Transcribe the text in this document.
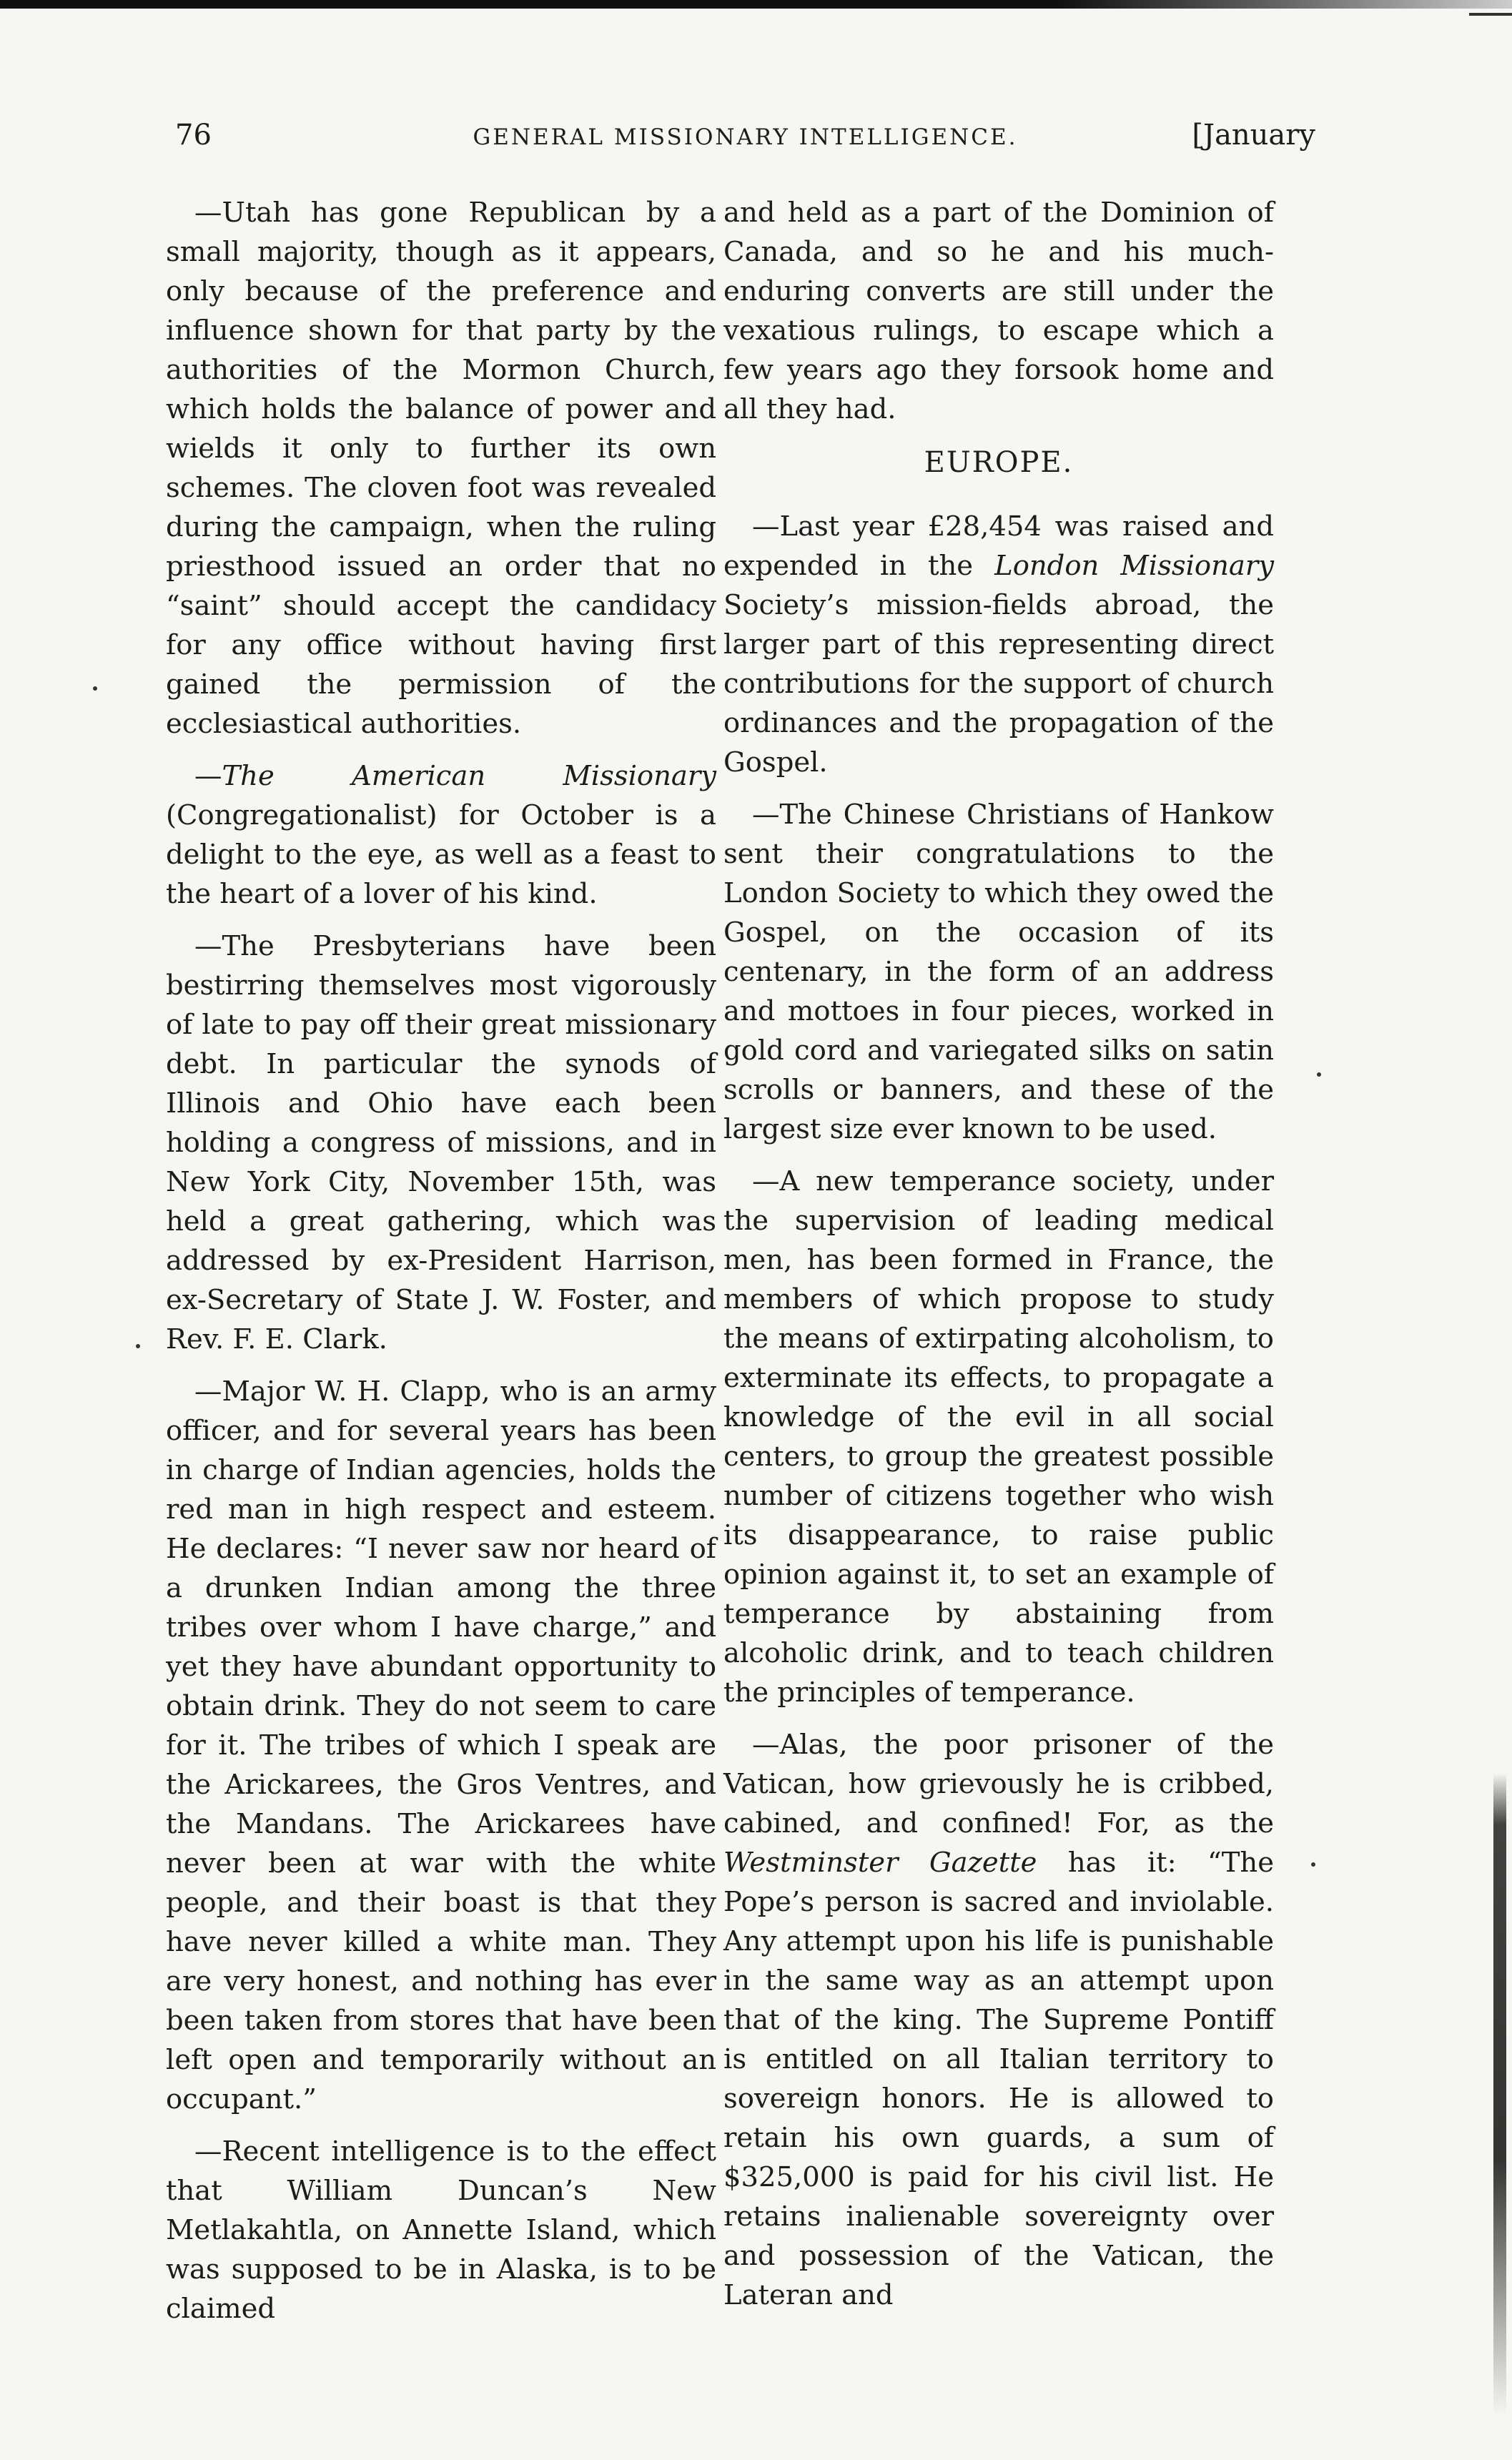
76	GENERAL MISSIONARY INTELLIGENCE.	[January

—Utah has gone Republican by a small majority, though as it appears, only because of the preference and influence shown for that party by the authorities of the Mormon Church, which holds the balance of power and wields it only to further its own schemes. The cloven foot was revealed during the campaign, when the ruling priesthood issued an order that no “saint” should accept the candidacy for any office without having first gained the permission of the ecclesiastical authorities.

—The American Missionary (Congregationalist) for October is a delight to the eye, as well as a feast to the heart of a lover of his kind.

—The Presbyterians have been bestirring themselves most vigorously of late to pay off their great missionary debt. In particular the synods of Illinois and Ohio have each been holding a congress of missions, and in New York City, November 15th, was held a great gathering, which was addressed by ex-President Harrison, ex-Secretary of State J. W. Foster, and Rev. F. E. Clark.

—Major W. H. Clapp, who is an army officer, and for several years has been in charge of Indian agencies, holds the red man in high respect and esteem. He declares: “I never saw nor heard of a drunken Indian among the three tribes over whom I have charge,” and yet they have abundant opportunity to obtain drink. They do not seem to care for it. The tribes of which I speak are the Arickarees, the Gros Ventres, and the Mandans. The Arickarees have never been at war with the white people, and their boast is that they have never killed a white man. They are very honest, and nothing has ever been taken from stores that have been left open and temporarily without an occupant.”

—Recent intelligence is to the effect that William Duncan’s New Metlakahtla, on Annette Island, which was supposed to be in Alaska, is to be claimed

and held as a part of the Dominion of Canada, and so he and his much-enduring converts are still under the vexatious rulings, to escape which a few years ago they forsook home and all they had.

EUROPE.

—Last year £28,454 was raised and expended in the London Missionary Society’s mission-fields abroad, the larger part of this representing direct contributions for the support of church ordinances and the propagation of the Gospel.

—The Chinese Christians of Hankow sent their congratulations to the London Society to which they owed the Gospel, on the occasion of its centenary, in the form of an address and mottoes in four pieces, worked in gold cord and variegated silks on satin scrolls or banners, and these of the largest size ever known to be used.

—A new temperance society, under the supervision of leading medical men, has been formed in France, the members of which propose to study the means of extirpating alcoholism, to exterminate its effects, to propagate a knowledge of the evil in all social centers, to group the greatest possible number of citizens together who wish its disappearance, to raise public opinion against it, to set an example of temperance by abstaining from alcoholic drink, and to teach children the principles of temperance.

—Alas, the poor prisoner of the Vatican, how grievously he is cribbed, cabined, and confined! For, as the Westminster Gazette has it: “The Pope’s person is sacred and inviolable. Any attempt upon his life is punishable in the same way as an attempt upon that of the king. The Supreme Pontiff is entitled on all Italian territory to sovereign honors. He is allowed to retain his own guards, a sum of $325,000 is paid for his civil list. He retains inalienable sovereignty over and possession of the Vatican, the Lateran and
